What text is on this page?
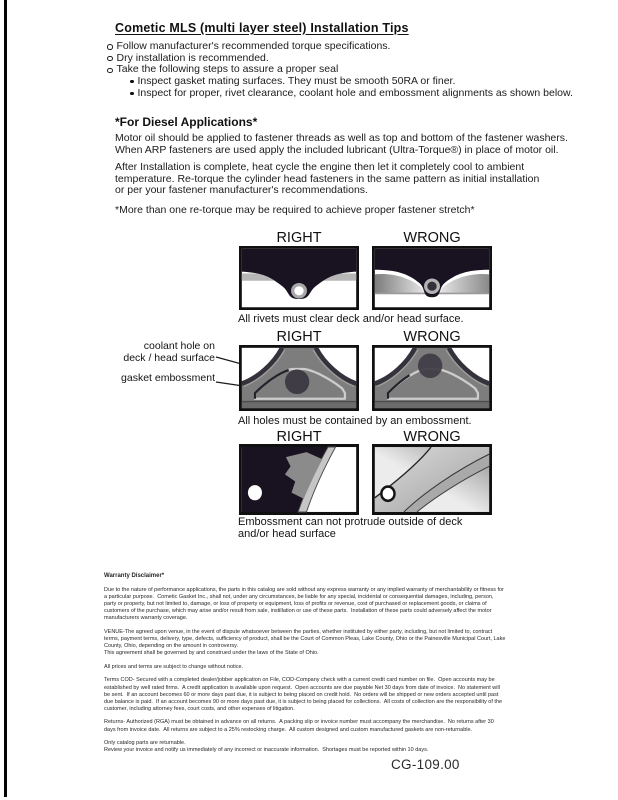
Cometic MLS (multi layer steel) Installation Tips
Follow manufacturer's recommended torque specifications.
Dry installation is recommended.
Take the following steps to assure a proper seal
Inspect gasket mating surfaces. They must be smooth 50RA or finer.
Inspect for proper, rivet clearance, coolant hole and embossment alignments as shown below.
*For Diesel Applications*

Motor oil should be applied to fastener threads as well as top and bottom of the fastener washers.
When ARP fasteners are used apply the included lubricant (Ultra-Torque®) in place of motor oil.

After Installation is complete, heat cycle the engine then let it completely cool to ambient
temperature. Re-torque the cylinder head fasteners in the same pattern as initial installation
or per your fastener manufacturer's recommendations.

*More than one re-torque may be required to achieve proper fastener stretch*

RIGHT	WRONG
All rivets must clear deck and/or head surface.
RIGHT	WRONG
coolant hole on
deck / head surface
gasket embossment
All holes must be contained by an embossment.
RIGHT	WRONG
Embossment can not protrude outside of deck
and/or head surface

Warranty Disclaimer*

Due to the nature of performance applications, the parts in this catalog are sold without any express warranty or any implied warranty of merchantability or fitness for a particular purpose.  Cometic Gasket Inc., shall not, under any circumstances, be liable for any special, incidental or consequential damages, including, person, party or property, but not limited to, damage, or loss of property or equipment, loss of profits or revenue, cost of purchased or replacement goods, or claims of customers of the purchase, which may arise and/or result from sale, instillation or use of these parts.  Installation of these parts could adversely affect the motor manufacturers warranty coverage.

VENUE-The agreed upon venue, in the event of dispute whatsoever between the parties, whether instituted by either party, including, but not limited to, contract terms, payment terms, delivery, type, defects, sufficiency of product, shall be the Court of Common Pleas, Lake County, Ohio or the Painesville Municipal Court, Lake County, Ohio, depending on the amount in controversy.
This agreement shall be governed by and construed under the laws of the State of Ohio.

All prices and terms are subject to change without notice.

Terms COD- Secured with a completed dealer/jobber application on File, COD-Company check with a current credit card number on file.  Open accounts may be established by well rated firms.  A credit application is available upon request.  Open accounts are due payable Net 30 days from date of invoice.  No statement will be sent.  If an account becomes 60 or more days past due, it is subject to being placed on credit hold.  No orders will be shipped or new orders accepted until past due balance is paid.  If an account becomes 90 or more days past due, it is subject to being placed for collections.  All costs of collection are the responsibility of the customer, including attorney fees, court costs, and other expenses of litigation.

Returns- Authorized (RGA) must be obtained in advance on all returns.  A packing slip or invoice number must accompany the merchandise.  No returns after 30 days from invoice date.  All returns are subject to a 25% restocking charge.  All custom designed and custom manufactured gaskets are non-returnable.

Only catalog parts are returnable.
Review your invoice and notify us immediately of any incorrect or inaccurate information.  Shortages must be reported within 10 days.

CG-109.00
